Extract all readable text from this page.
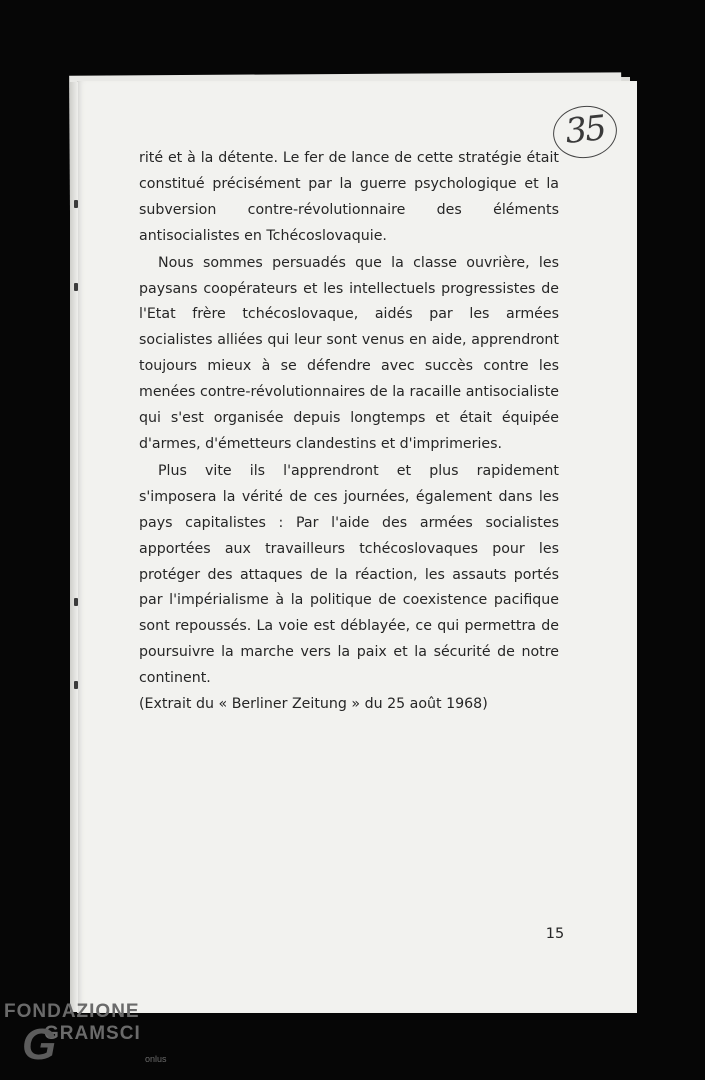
35

rité et à la détente. Le fer de lance de cette stratégie était constitué précisément par la guerre psychologique et la subversion contre-révolutionnaire des éléments antisocialistes en Tchécoslovaquie.

Nous sommes persuadés que la classe ouvrière, les paysans coopérateurs et les intellectuels progressistes de l'Etat frère tchécoslovaque, aidés par les armées socialistes alliées qui leur sont venus en aide, apprendront toujours mieux à se défendre avec succès contre les menées contre-révolutionnaires de la racaille antisocialiste qui s'est organisée depuis longtemps et était équipée d'armes, d'émetteurs clandestins et d'imprimeries.

Plus vite ils l'apprendront et plus rapidement s'imposera la vérité de ces journées, également dans les pays capitalistes : Par l'aide des armées socialistes apportées aux travailleurs tchécoslovaques pour les protéger des attaques de la réaction, les assauts portés par l'impérialisme à la politique de coexistence pacifique sont repoussés. La voie est déblayée, ce qui permettra de poursuivre la marche vers la paix et la sécurité de notre continent.

(Extrait du « Berliner Zeitung » du 25 août 1968)

15
FONDAZIONE
GRAMSCI
G	onlus
